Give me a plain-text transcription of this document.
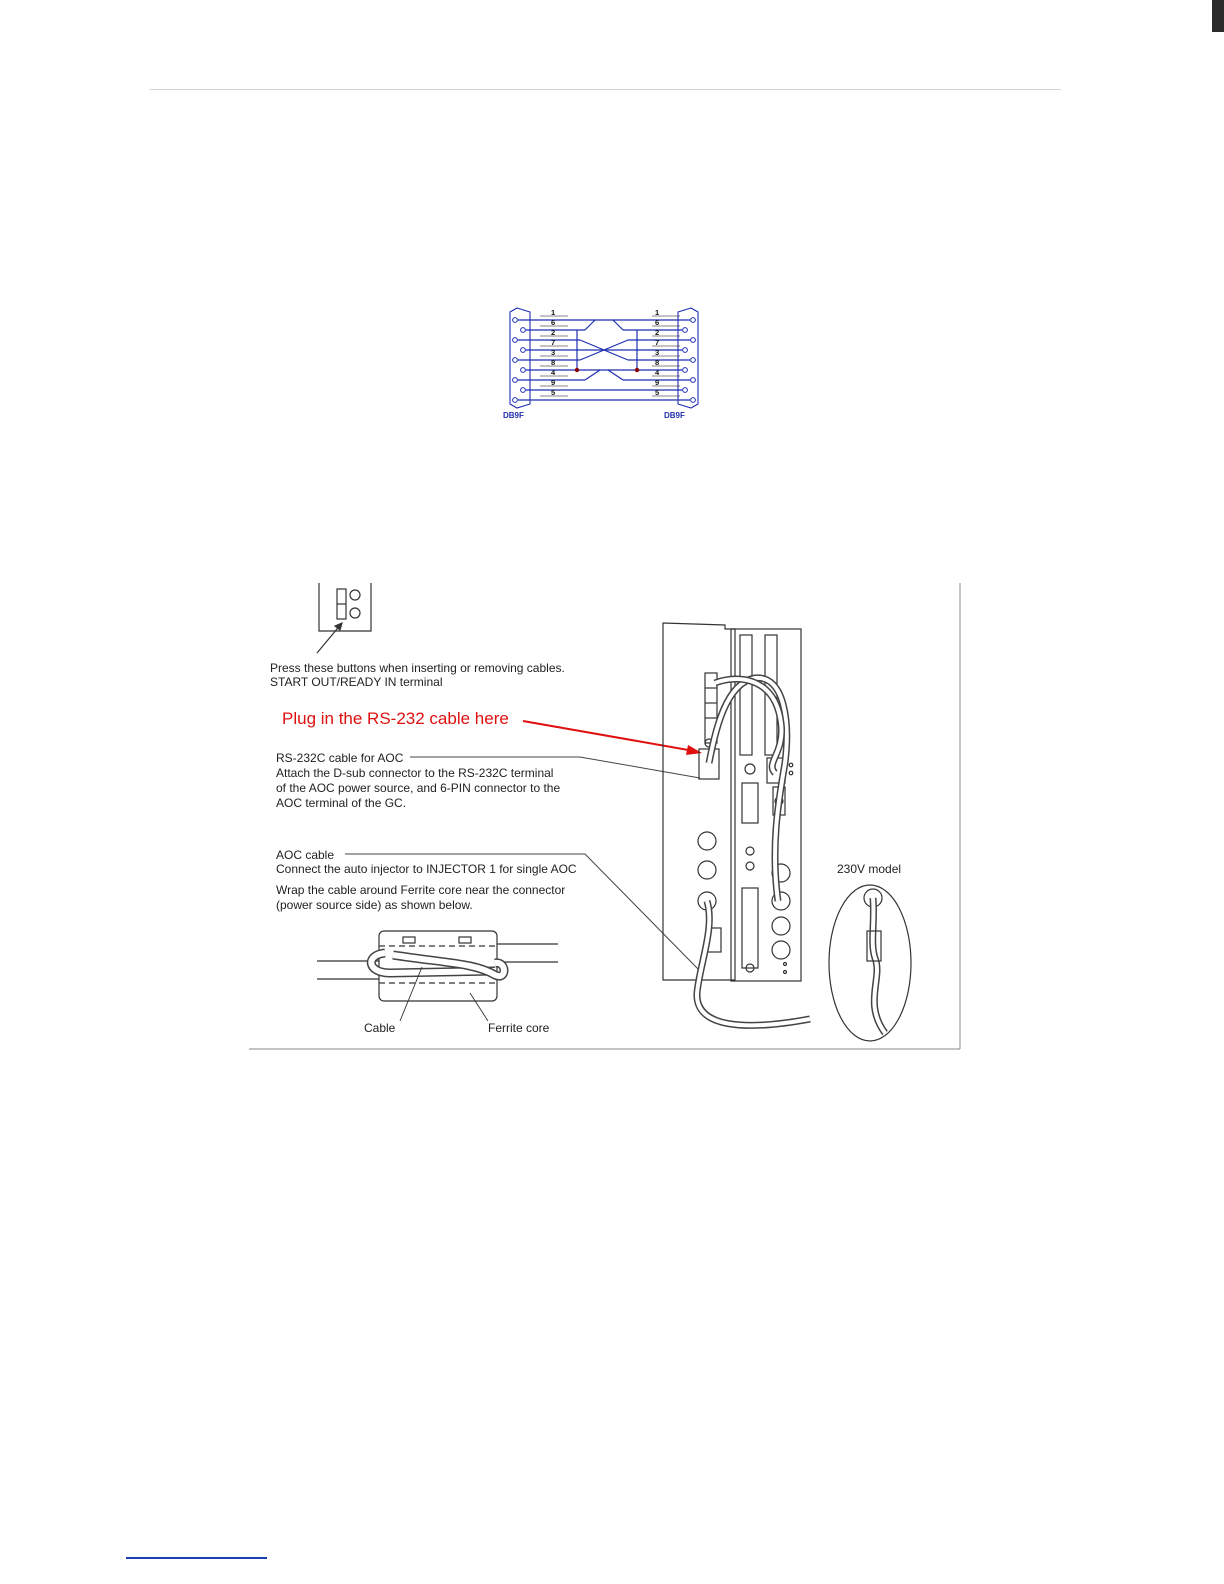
1
6
2
7
3
8
4
9
5
1
6
2
7
3
8
4
9
5
DB9F	DB9F
Press these buttons when inserting or removing cables.
START OUT/READY IN terminal
Plug in the RS-232 cable here
RS-232C cable for AOC
Attach the D-sub connector to the RS-232C terminal
of the AOC power source, and 6-PIN connector to the
AOC terminal of the GC.
AOC cable
Connect the auto injector to INJECTOR 1 for single AOC
Wrap the cable around Ferrite core near the connector
(power source side) as shown below.
Cable	Ferrite core
230V model
